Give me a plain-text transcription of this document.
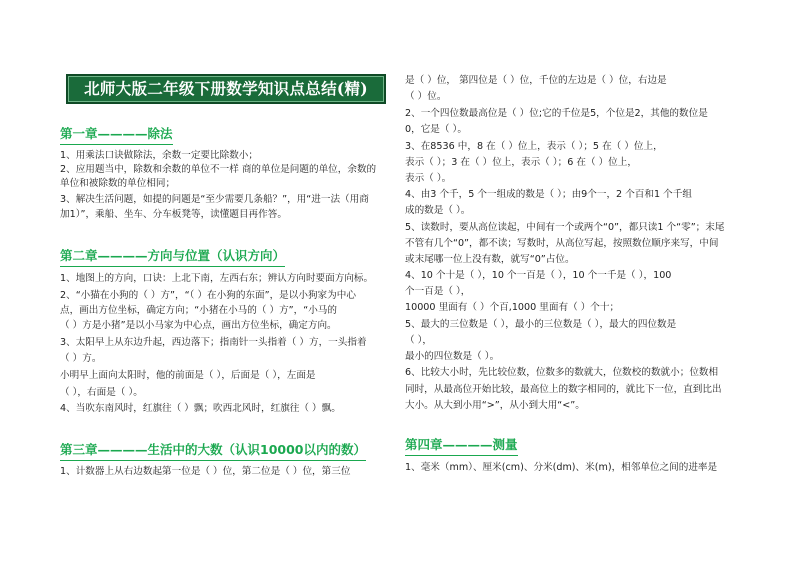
北师大版二年级下册数学知识点总结(精)
第一章————除法
1、用乘法口诀做除法，余数一定要比除数小；
2、应用题当中，除数和余数的单位不一样 商的单位是问题的单位，余数的
单位和被除数的单位相同；
3、解决生活问题，如提的问题是“至少需要几条船？”，用“进一法（用商
加1）”，乘船、坐车、分车板凳等，读懂题目再作答。
第二章————方向与位置（认识方向）
1、地图上的方向，口诀：上北下南，左西右东；辨认方向时要面方向标。
2、“小猫在小狗的（ ）方”，“（ ）在小狗的东面”，是以小狗家为中心
点，画出方位坐标，确定方向；“小猪在小马的（ ）方”，“小马的
（ ）方是小猪”是以小马家为中心点，画出方位坐标，确定方向。
3、太阳早上从东边升起，西边落下；指南针一头指着（ ）方，一头指着
（ ）方。
小明早上面向太阳时，他的前面是（ ），后面是（ ），左面是
（ ），右面是（ ）。
4、当吹东南风时，红旗往（ ）飘；吹西北风时，红旗往（ ）飘。
第三章————生活中的大数（认识10000以内的数）
1、计数器上从右边数起第一位是（ ）位，第二位是（ ）位，第三位
是（ ）位， 第四位是（ ）位，千位的左边是（ ）位，右边是
（ ）位。
2、一个四位数最高位是（ ）位;它的千位是5，个位是2，其他的数位是
0，它是（ ）。
3、在8536 中，8 在（ ）位上，表示（ ）；5 在（ ）位上，
表示（ ）；3 在（ ）位上，表示（ ）；6 在（ ）位上，
表示（ ）。
4、由3 个千，5 个一组成的数是（ ）；由9个一，2 个百和1 个千组
成的数是（ ）。
5、读数时，要从高位读起，中间有一个或两个“0”，都只读1 个“零”；末尾
不管有几个“0”，都不读；写数时，从高位写起，按照数位顺序来写，中间
或末尾哪一位上没有数，就写“0”占位。
4、10 个十是（ ），10 个一百是（ ），10 个一千是（ ），100
个一百是（ ），
10000 里面有（ ）个百,1000 里面有（ ）个十；
5、最大的三位数是（ ），最小的三位数是（ ），最大的四位数是
（ ），
最小的四位数是（ ）。
6、比较大小时，先比较位数，位数多的数就大，位数校的数就小；位数相
同时，从最高位开始比较，最高位上的数字相同的，就比下一位，直到比出
大小。从大到小用“>”，从小到大用“<”。
第四章————测量
1、毫米（mm）、厘米(cm)、分米(dm)、米(m)，相邻单位之间的进率是
